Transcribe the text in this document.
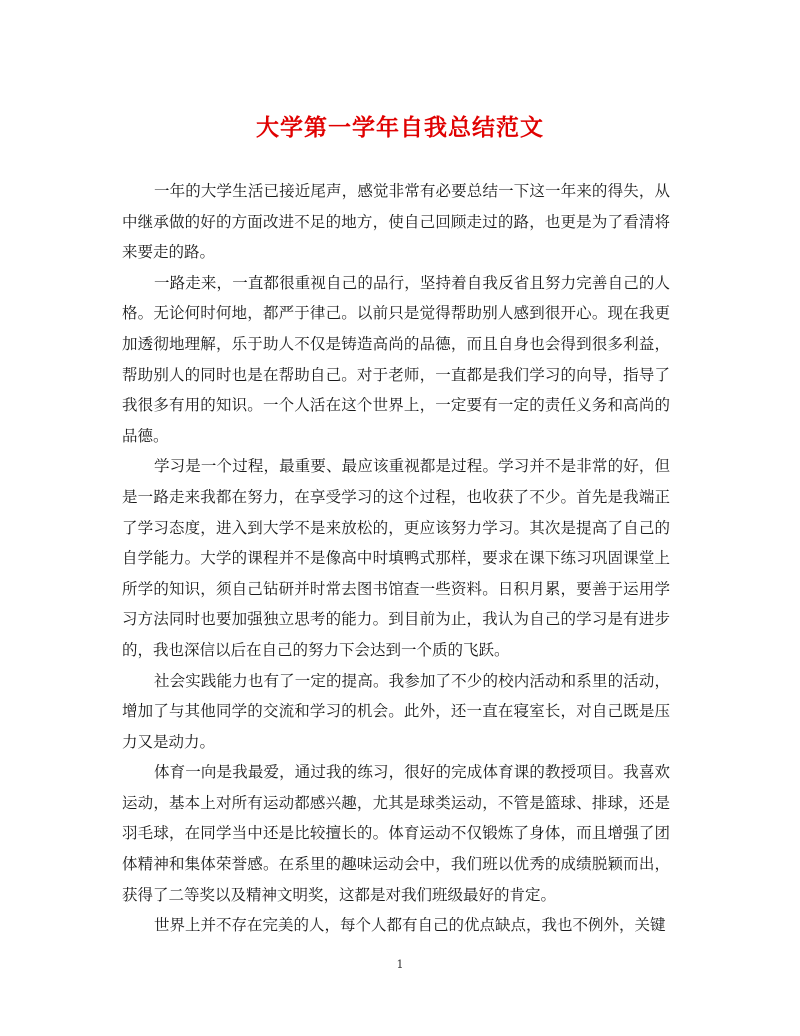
大学第一学年自我总结范文

一年的大学生活已接近尾声，感觉非常有必要总结一下这一年来的得失，从中继承做的好的方面改进不足的地方，使自己回顾走过的路，也更是为了看清将来要走的路。

一路走来，一直都很重视自己的品行，坚持着自我反省且努力完善自己的人格。无论何时何地，都严于律己。以前只是觉得帮助别人感到很开心。现在我更加透彻地理解，乐于助人不仅是铸造高尚的品德，而且自身也会得到很多利益，帮助别人的同时也是在帮助自己。对于老师，一直都是我们学习的向导，指导了我很多有用的知识。一个人活在这个世界上，一定要有一定的责任义务和高尚的品德。

学习是一个过程，最重要、最应该重视都是过程。学习并不是非常的好，但是一路走来我都在努力，在享受学习的这个过程，也收获了不少。首先是我端正了学习态度，进入到大学不是来放松的，更应该努力学习。其次是提高了自己的自学能力。大学的课程并不是像高中时填鸭式那样，要求在课下练习巩固课堂上所学的知识，须自己钻研并时常去图书馆查一些资料。日积月累，要善于运用学习方法同时也要加强独立思考的能力。到目前为止，我认为自己的学习是有进步的，我也深信以后在自己的努力下会达到一个质的飞跃。

社会实践能力也有了一定的提高。我参加了不少的校内活动和系里的活动，增加了与其他同学的交流和学习的机会。此外，还一直在寝室长，对自己既是压力又是动力。

体育一向是我最爱，通过我的练习，很好的完成体育课的教授项目。我喜欢运动，基本上对所有运动都感兴趣，尤其是球类运动，不管是篮球、排球，还是羽毛球，在同学当中还是比较擅长的。体育运动不仅锻炼了身体，而且增强了团体精神和集体荣誉感。在系里的趣味运动会中，我们班以优秀的成绩脱颖而出，获得了二等奖以及精神文明奖，这都是对我们班级最好的肯定。

世界上并不存在完美的人，每个人都有自己的优点缺点，我也不例外，关键

1
